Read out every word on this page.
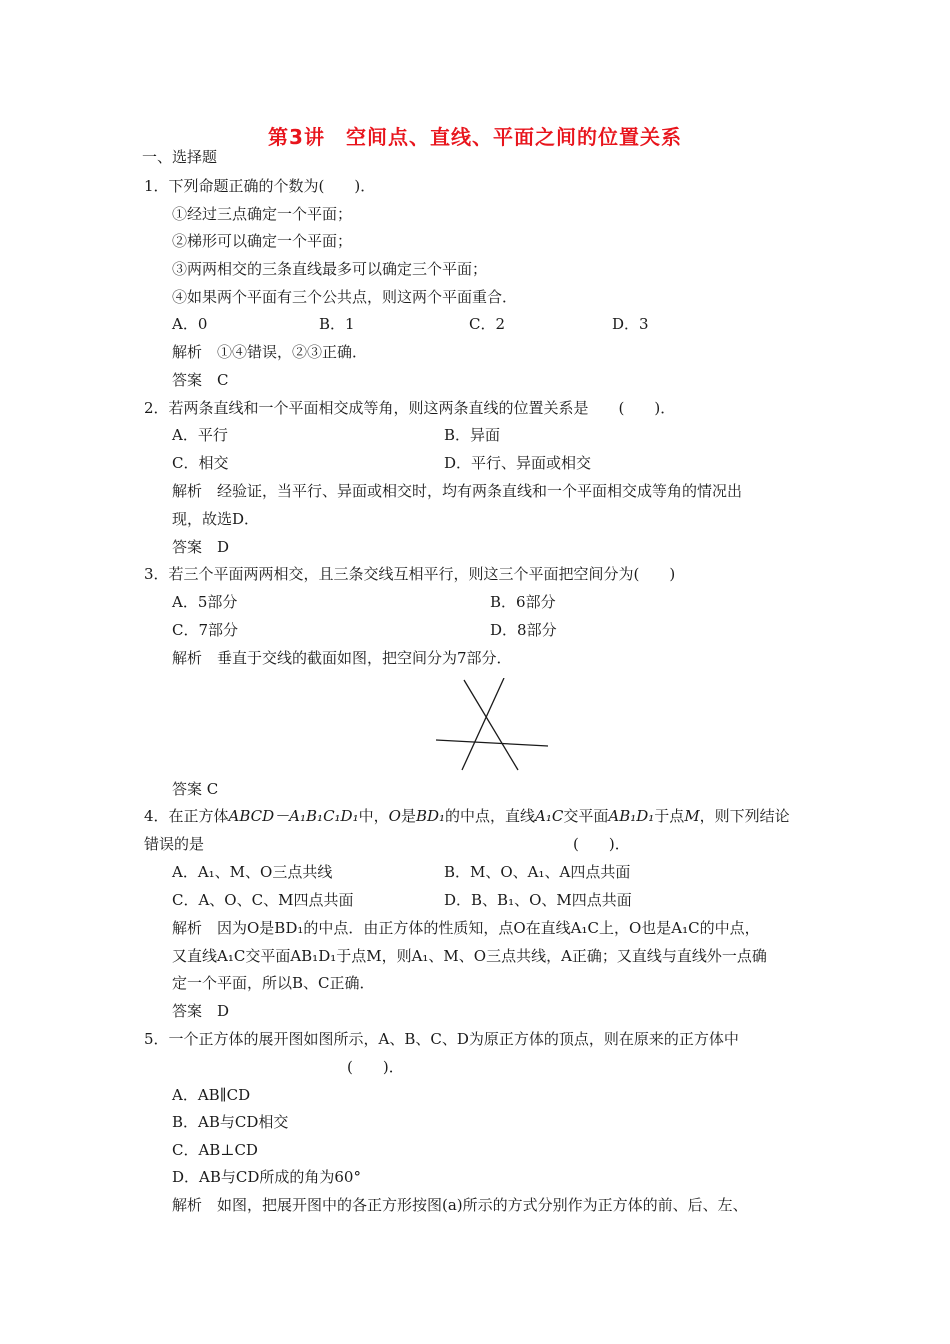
第3讲　空间点、直线、平面之间的位置关系
一、选择题
1．下列命题正确的个数为(　　)．
①经过三点确定一个平面；
②梯形可以确定一个平面；
③两两相交的三条直线最多可以确定三个平面；
④如果两个平面有三个公共点，则这两个平面重合．
A．0	B．1	C．2	D．3
解析　①④错误，②③正确．
答案　C
2．若两条直线和一个平面相交成等角，则这两条直线的位置关系是　　(　　)．
A．平行	B．异面
C．相交	D．平行、异面或相交
解析　经验证，当平行、异面或相交时，均有两条直线和一个平面相交成等角的情况出
现，故选D．
答案　D
3．若三个平面两两相交，且三条交线互相平行，则这三个平面把空间分为(　　)
A．5部分	B．6部分
C．7部分	D．8部分
解析　垂直于交线的截面如图，把空间分为7部分．
答案 C
4．在正方体ABCD－A₁B₁C₁D₁中，O是BD₁的中点，直线A₁C交平面AB₁D₁于点M，则下列结论
错误的是	(　　)．
A．A₁、M、O三点共线	B．M、O、A₁、A四点共面
C．A、O、C、M四点共面	D．B、B₁、O、M四点共面
解析　因为O是BD₁的中点．由正方体的性质知，点O在直线A₁C上，O也是A₁C的中点，
又直线A₁C交平面AB₁D₁于点M，则A₁、M、O三点共线，A正确；又直线与直线外一点确
定一个平面，所以B、C正确．
答案　D
5．一个正方体的展开图如图所示，A、B、C、D为原正方体的顶点，则在原来的正方体中
(　　)．
A．AB∥CD
B．AB与CD相交
C．AB⊥CD
D．AB与CD所成的角为60°
解析　如图，把展开图中的各正方形按图(a)所示的方式分别作为正方体的前、后、左、
